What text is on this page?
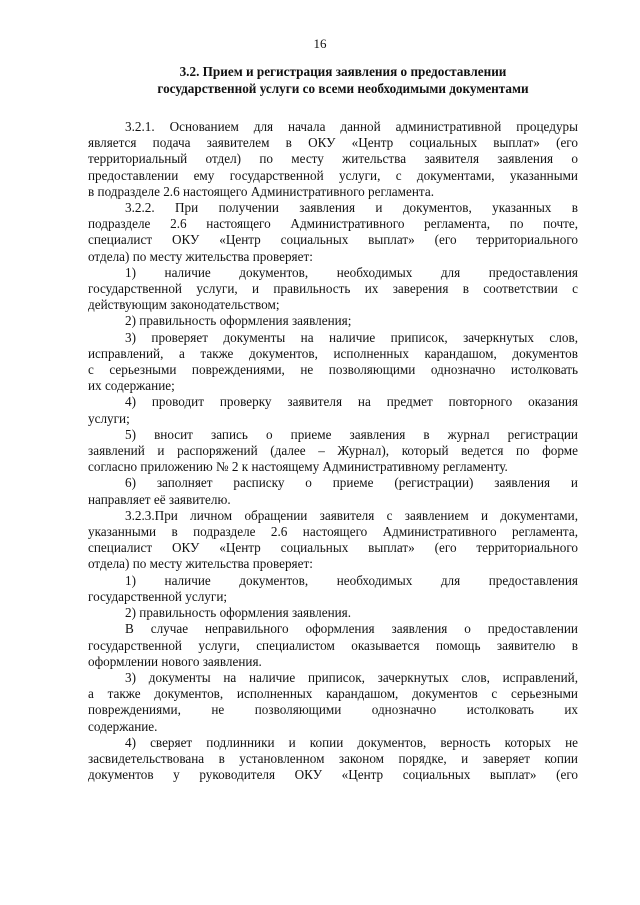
16
3.2. Прием и регистрация заявления о предоставлении
государственной услуги со всеми необходимыми документами
3.2.1. Основанием для начала данной административной процедуры
является подача заявителем в ОКУ «Центр социальных выплат» (его
территориальный отдел) по месту жительства заявителя заявления о
предоставлении ему государственной услуги, с документами, указанными
в подразделе 2.6 настоящего Административного регламента.
3.2.2. При получении заявления и документов, указанных в
подразделе 2.6 настоящего Административного регламента, по почте,
специалист ОКУ «Центр социальных выплат» (его территориального
отдела) по месту жительства проверяет:
1) наличие документов, необходимых для предоставления
государственной услуги, и правильность их заверения в соответствии с
действующим законодательством;
2) правильность оформления заявления;
3) проверяет документы на наличие приписок, зачеркнутых слов,
исправлений, а также документов, исполненных карандашом, документов
с серьезными повреждениями, не позволяющими однозначно истолковать
их содержание;
4) проводит проверку заявителя на предмет повторного оказания
услуги;
5) вносит запись о приеме заявления в журнал регистрации
заявлений и распоряжений (далее – Журнал), который ведется по форме
согласно приложению № 2 к настоящему Административному регламенту.
6) заполняет расписку о приеме (регистрации) заявления и
направляет её заявителю.
3.2.3.При личном обращении заявителя с заявлением и документами,
указанными в подразделе 2.6 настоящего Административного регламента,
специалист ОКУ «Центр социальных выплат» (его территориального
отдела) по месту жительства проверяет:
1) наличие документов, необходимых для предоставления
государственной услуги;
2) правильность оформления заявления.
В случае неправильного оформления заявления о предоставлении
государственной услуги, специалистом оказывается помощь заявителю в
оформлении нового заявления.
3) документы на наличие приписок, зачеркнутых слов, исправлений,
а также документов, исполненных карандашом, документов с серьезными
повреждениями, не позволяющими однозначно истолковать их
содержание.
4) сверяет подлинники и копии документов, верность которых не
засвидетельствована в установленном законом порядке, и заверяет копии
документов у руководителя ОКУ «Центр социальных выплат» (его
